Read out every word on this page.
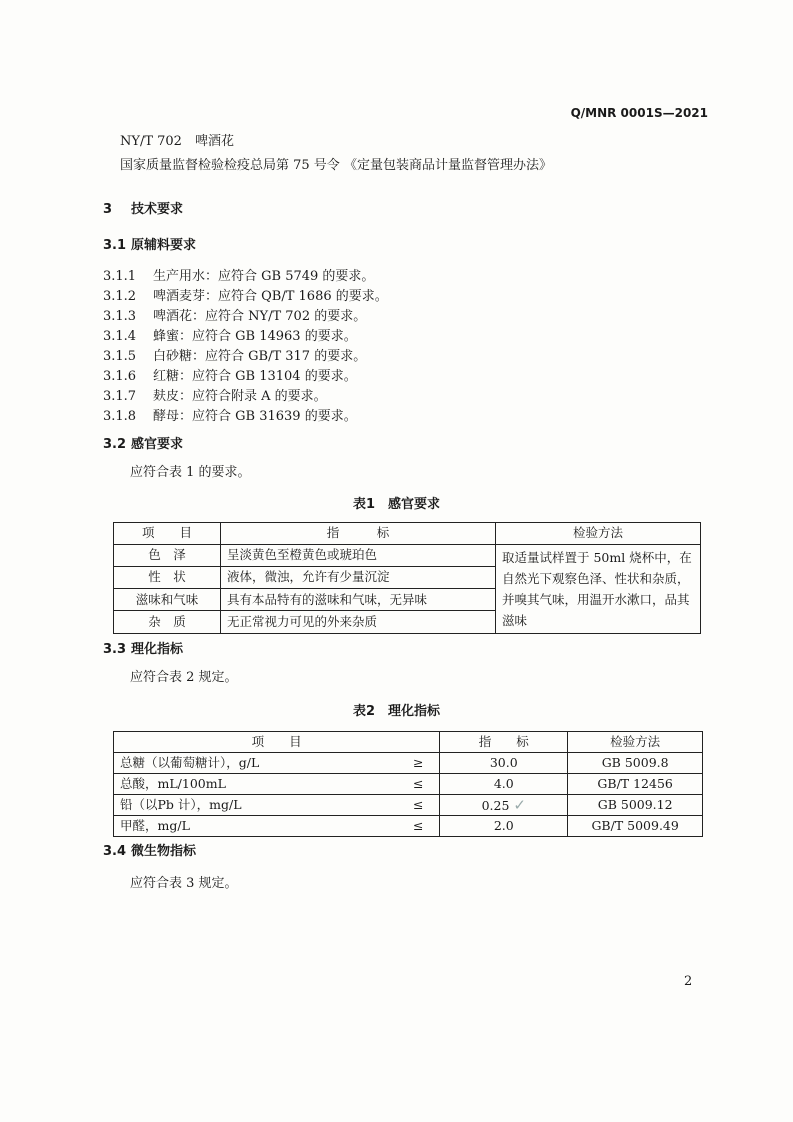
Q/MNR 0001S—2021
NY/T 702　啤酒花
国家质量监督检验检疫总局第 75 号令 《定量包装商品计量监督管理办法》
3 技术要求
3.1 原辅料要求
3.1.1 生产用水：应符合 GB 5749 的要求。
3.1.2 啤酒麦芽：应符合 QB/T 1686 的要求。
3.1.3 啤酒花：应符合 NY/T 702 的要求。
3.1.4 蜂蜜：应符合 GB 14963 的要求。
3.1.5 白砂糖：应符合 GB/T 317 的要求。
3.1.6 红糖：应符合 GB 13104 的要求。
3.1.7 麸皮：应符合附录 A 的要求。
3.1.8 酵母：应符合 GB 31639 的要求。
3.2 感官要求
应符合表 1 的要求。
表1　感官要求
项　　目	指　　　标	检验方法
色　泽	呈淡黄色至橙黄色或琥珀色	取适量试样置于 50ml 烧杯中，在自然光下观察色泽、性状和杂质，并嗅其气味，用温开水漱口，品其滋味
性　状	液体，微浊，允许有少量沉淀	
滋味和气味	具有本品特有的滋味和气味，无异味	
杂　质	无正常视力可见的外来杂质	
3.3 理化指标
应符合表 2 规定。
表2　理化指标
项　　目		指　　标	检验方法
总糖（以葡萄糖计），g/L	≥	30.0	GB 5009.8
总酸，mL/100mL	≤	4.0	GB/T 12456
铅（以Pb 计），mg/L	≤	0.25 ✓	GB 5009.12
甲醛，mg/L	≤	2.0	GB/T 5009.49
3.4 微生物指标
应符合表 3 规定。
2
